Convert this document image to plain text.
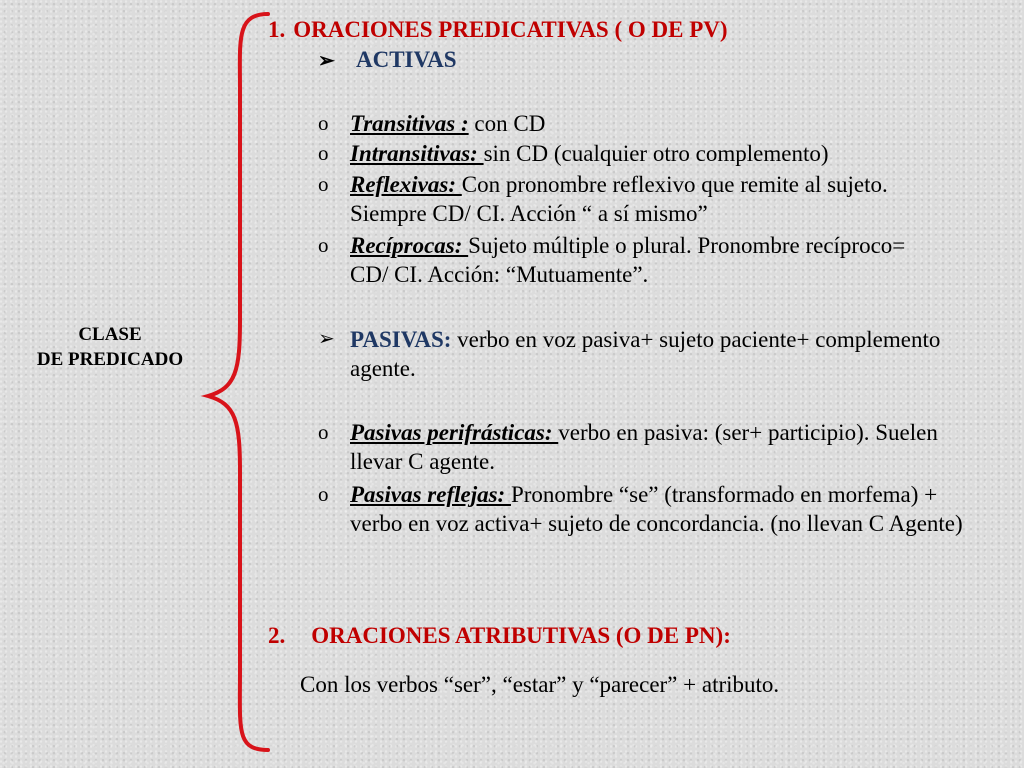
CLASE
DE PREDICADO
1. ORACIONES PREDICATIVAS ( O DE PV)
➢ ACTIVAS
o Transitivas : con CD
o Intransitivas: sin CD (cualquier otro complemento)
o Reflexivas: Con pronombre reflexivo que remite al sujeto. Siempre CD/ CI. Acción “ a sí mismo”
o Recíprocas: Sujeto múltiple o plural. Pronombre recíproco= CD/ CI. Acción: “Mutuamente”.
➢ PASIVAS: verbo en voz pasiva+ sujeto paciente+ complemento agente.
o Pasivas perifrásticas: verbo en pasiva: (ser+ participio). Suelen llevar C agente.
o Pasivas reflejas: Pronombre “se” (transformado en morfema) + verbo en voz activa+ sujeto de concordancia. (no llevan C Agente)
2. ORACIONES ATRIBUTIVAS (O DE PN):
Con los verbos “ser”, “estar” y “parecer” + atributo.
